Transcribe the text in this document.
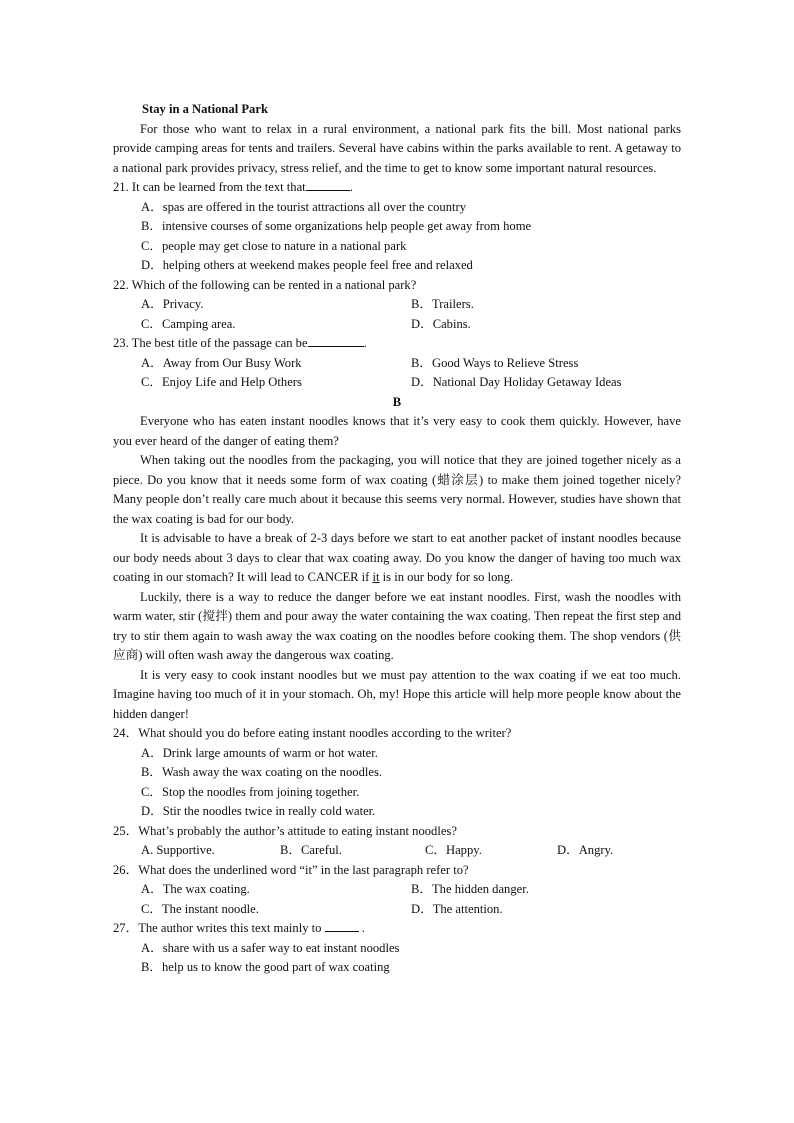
Stay in a National Park

For those who want to relax in a rural environment, a national park fits the bill. Most national parks provide camping areas for tents and trailers. Several have cabins within the parks available to rent. A getaway to a national park provides privacy, stress relief, and the time to get to know some important natural resources.

21. It can be learned from the text that	.

A．spas are offered in the tourist attractions all over the country

B．intensive courses of some organizations help people get away from home

C．people may get close to nature in a national park

D．helping others at weekend makes people feel free and relaxed

22. Which of the following can be rented in a national park?

A．Privacy.	B．Trailers.
C．Camping area.	D．Cabins.

23. The best title of the passage can be	.

A．Away from Our Busy Work	B．Good Ways to Relieve Stress
C．Enjoy Life and Help Others	D．National Day Holiday Getaway Ideas

B

Everyone who has eaten instant noodles knows that it’s very easy to cook them quickly. However, have you ever heard of the danger of eating them?

When taking out the noodles from the packaging, you will notice that they are joined together nicely as a piece. Do you know that it needs some form of wax coating (蜡涂层) to make them joined together nicely? Many people don’t really care much about it because this seems very normal. However, studies have shown that the wax coating is bad for our body.

It is advisable to have a break of 2-3 days before we start to eat another packet of instant noodles because our body needs about 3 days to clear that wax coating away. Do you know the danger of having too much wax coating in our stomach? It will lead to CANCER if it is in our body for so long.

Luckily, there is a way to reduce the danger before we eat instant noodles. First, wash the noodles with warm water, stir (搅拌) them and pour away the water containing the wax coating. Then repeat the first step and try to stir them again to wash away the wax coating on the noodles before cooking them. The shop vendors (供应商) will often wash away the dangerous wax coating.

It is very easy to cook instant noodles but we must pay attention to the wax coating if we eat too much. Imagine having too much of it in your stomach. Oh, my! Hope this article will help more people know about the hidden danger!

24．What should you do before eating instant noodles according to the writer?

A．Drink large amounts of warm or hot water.

B．Wash away the wax coating on the noodles.

C．Stop the noodles from joining together.

D．Stir the noodles twice in really cold water.

25．What’s probably the author’s attitude to eating instant noodles?

A. Supportive.	B．Careful.	C．Happy.	D．Angry.

26．What does the underlined word “it” in the last paragraph refer to?

A．The wax coating.	B．The hidden danger.
C．The instant noodle.	D．The attention.

27．The author writes this text mainly to	.

A．share with us a safer way to eat instant noodles

B．help us to know the good part of wax coating
